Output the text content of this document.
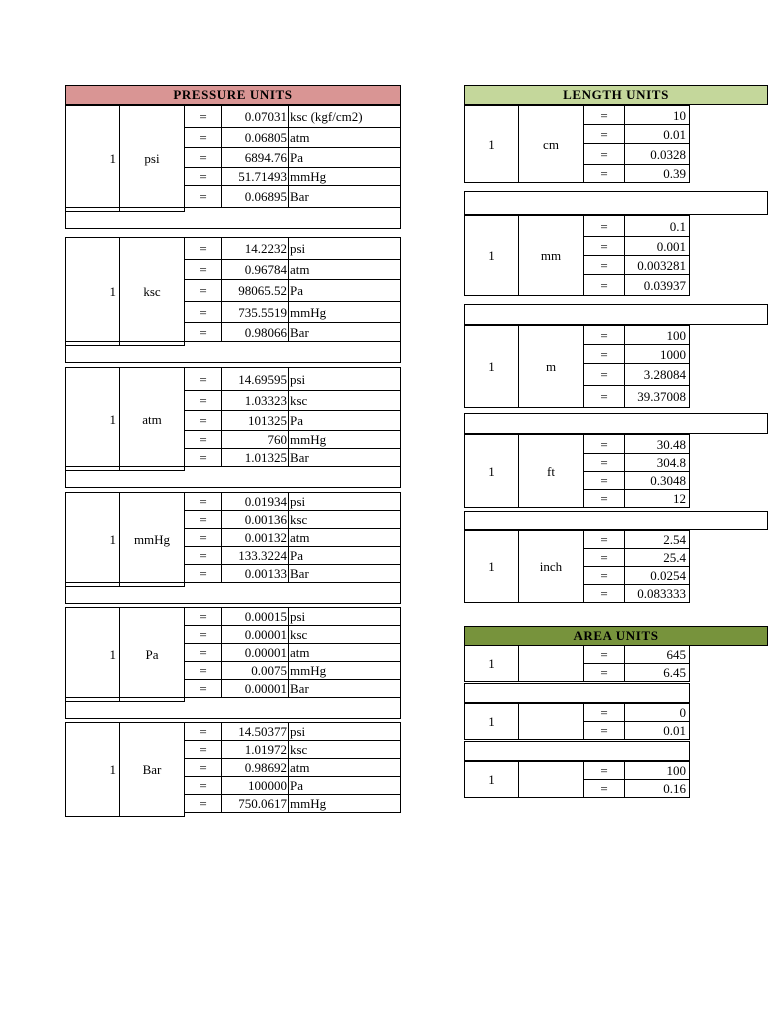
PRESSURE UNITS	LENGTH UNITS
AREA UNITS
1	psi
=	0.07031 ksc (kgf/cm2)
=	0.06805 atm
=	6894.76 Pa
=	51.71493 mmHg
=	0.06895 Bar
1	ksc
=	14.2232 psi
=	0.96784 atm
=	98065.52 Pa
=	735.5519 mmHg
=	0.98066 Bar
1	atm
=	14.69595 psi
=	1.03323 ksc
=	101325 Pa
=	760 mmHg
=	1.01325 Bar
1	mmHg
=	0.01934 psi
=	0.00136 ksc
=	0.00132 atm
=	133.3224 Pa
=	0.00133 Bar
1	Pa
=	0.00015 psi
=	0.00001 ksc
=	0.00001 atm
=	0.0075 mmHg
=	0.00001 Bar
1	Bar
=	14.50377 psi
=	1.01972 ksc
=	0.98692 atm
=	100000 Pa
=	750.0617 mmHg
1	cm
=	10
=	0.01
=	0.0328
=	0.39
1	mm
=	0.1
=	0.001
=	0.003281
=	0.03937
1	m
=	100
=	1000
=	3.28084
=	39.37008
1	ft
=	30.48
=	304.8
=	0.3048
=	12
1	inch
=	2.54
=	25.4
=	0.0254
=	0.083333
1
=	645
=	6.45
1
=	0
=	0.01
1
=	100
=	0.16
